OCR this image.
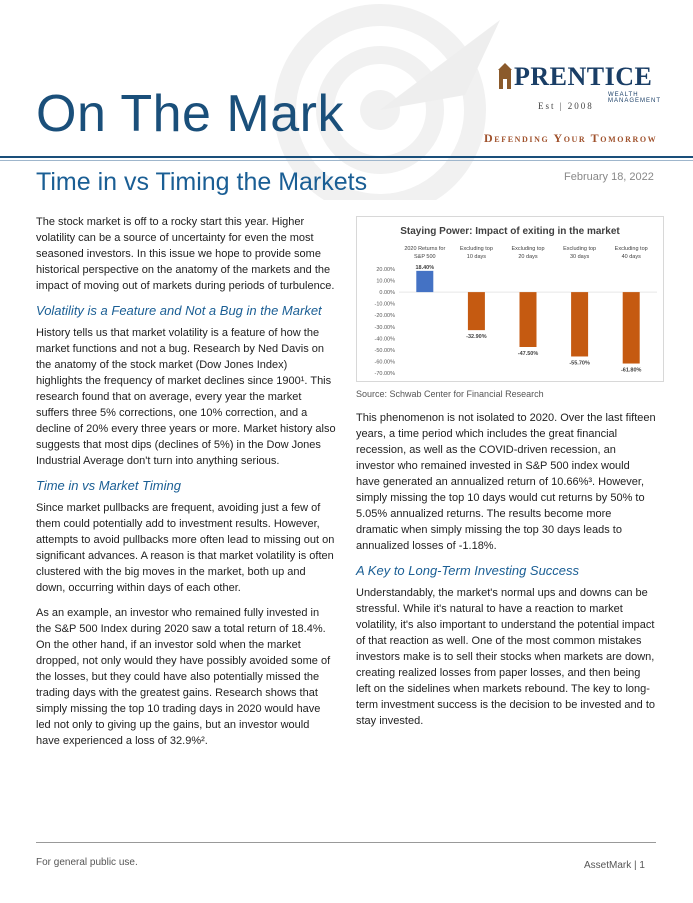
On The Mark
PRENTICE
WEALTH MANAGEMENT
Est | 2008
Defending Your Tomorrow
Time in vs Timing the Markets	February 18, 2022

The stock market is off to a rocky start this year. Higher volatility can be a source of uncertainty for even the most seasoned investors. In this issue we hope to provide some historical perspective on the anatomy of the markets and the impact of moving out of markets during periods of turbulence.

Volatility is a Feature and Not a Bug in the Market

History tells us that market volatility is a feature of how the market functions and not a bug. Research by Ned Davis on the anatomy of the stock market (Dow Jones Index) highlights the frequency of market declines since 1900¹. This research found that on average, every year the market suffers three 5% corrections, one 10% correction, and a decline of 20% every three years or more. Market history also suggests that most dips (declines of 5%) in the Dow Jones Industrial Average don't turn into anything serious.

Time in vs Market Timing

Since market pullbacks are frequent, avoiding just a few of them could potentially add to investment results. However, attempts to avoid pullbacks more often lead to missing out on significant advances. A reason is that market volatility is often clustered with the big moves in the market, both up and down, occurring within days of each other.

As an example, an investor who remained fully invested in the S&P 500 Index during 2020 saw a total return of 18.4%. On the other hand, if an investor sold when the market dropped, not only would they have possibly avoided some of the losses, but they could have also potentially missed the trading days with the greatest gains. Research shows that simply missing the top 10 trading days in 2020 would have led not only to giving up the gains, but an investor would have experienced a loss of 32.9%².

Staying Power: Impact of exiting in the market
20.00%
10.00%
0.00%
-10.00%
-20.00%
-30.00%
-40.00%
-50.00%
-60.00%
-70.00%
2020 Returns for
S&P 500
18.40%
Excluding top
10 days
-32.90%
Excluding top
20 days
-47.50%
Excluding top
30 days
-55.70%
Excluding top
40 days
-61.80%
Source: Schwab Center for Financial Research

This phenomenon is not isolated to 2020. Over the last fifteen years, a time period which includes the great financial recession, as well as the COVID-driven recession, an investor who remained invested in S&P 500 index would have generated an annualized return of 10.66%³. However, simply missing the top 10 days would cut returns by 50% to 5.05% annualized returns. The results become more dramatic when simply missing the top 30 days leads to annualized losses of -1.18%.

A Key to Long-Term Investing Success

Understandably, the market's normal ups and downs can be stressful. While it's natural to have a reaction to market volatility, it's also important to understand the potential impact of that reaction as well. One of the most common mistakes investors make is to sell their stocks when markets are down, creating realized losses from paper losses, and then being left on the sidelines when markets rebound. The key to long-term investment success is the decision to be invested and to stay invested.

For general public use.	AssetMark | 1
